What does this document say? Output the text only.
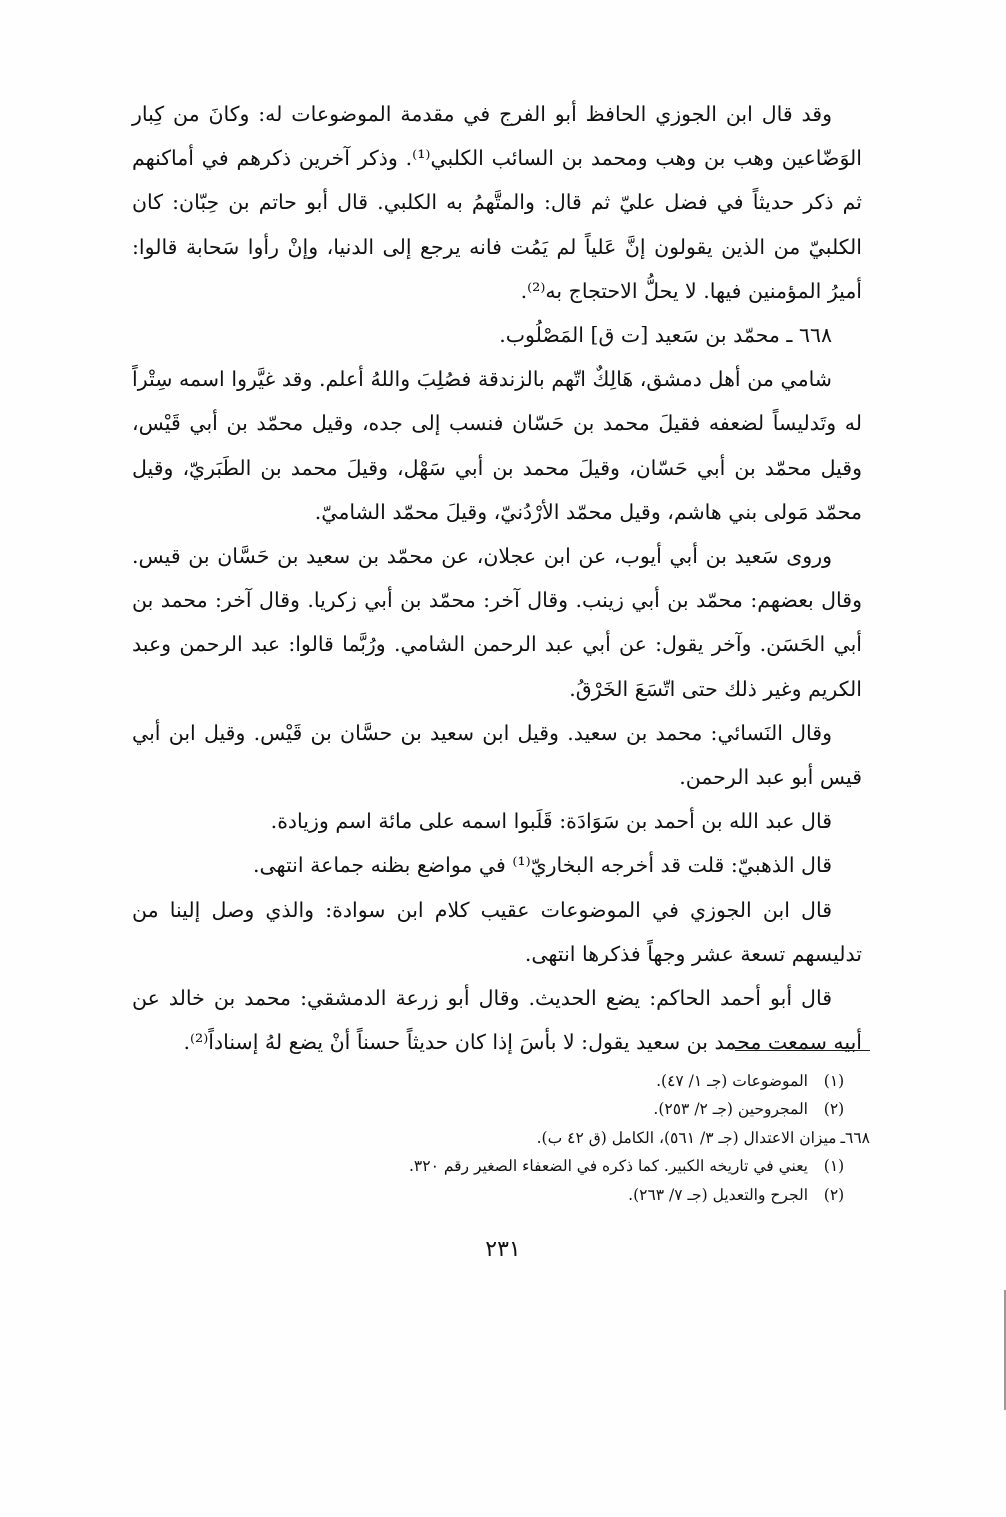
وقد قال ابن الجوزي الحافظ أبو الفرج في مقدمة الموضوعات له: وكانَ من كِبار الوَضّاعين وهب بن وهب ومحمد بن السائب الكلبي⁽¹⁾. وذكر آخرين ذكرهم في أماكنهم ثم ذكر حديثاً في فضل عليّ ثم قال: والمتَّهمُ به الكلبي. قال أبو حاتم بن حِبّان: كان الكلبيّ من الذين يقولون إنَّ عَلياً لم يَمُت فانه يرجع إلى الدنيا، وإنْ رأوا سَحابة قالوا: أميرُ المؤمنين فيها. لا يحلُّ الاحتجاج به⁽²⁾.

٦٦٨ ـ محمّد بن سَعيد [ت ق] المَصْلُوب.

شامي من أهل دمشق، هَالِكٌ اتّهم بالزندقة فصُلِبَ واللهُ أعلم. وقد غيَّروا اسمه سِتْراً له وتَدليساً لضعفه فقيلَ محمد بن حَسّان فنسب إلى جده، وقيل محمّد بن أبي قَيْس، وقيل محمّد بن أبي حَسّان، وقيلَ محمد بن أبي سَهْل، وقيلَ محمد بن الطَبَريّ، وقيل محمّد مَولى بني هاشم، وقيل محمّد الأرْدُنيّ، وقيلَ محمّد الشاميّ.

وروى سَعيد بن أبي أيوب، عن ابن عجلان، عن محمّد بن سعيد بن حَسَّان بن قيس. وقال بعضهم: محمّد بن أبي زينب. وقال آخر: محمّد بن أبي زكريا. وقال آخر: محمد بن أبي الحَسَن. وآخر يقول: عن أبي عبد الرحمن الشامي. ورُبَّما قالوا: عبد الرحمن وعبد الكريم وغير ذلك حتى اتّسَعَ الخَرْقُ.

وقال النَسائي: محمد بن سعيد. وقيل ابن سعيد بن حسَّان بن قَيْس. وقيل ابن أبي قيس أبو عبد الرحمن.

قال عبد الله بن أحمد بن سَوَادَة: قَلَبوا اسمه على مائة اسم وزيادة.

قال الذهبيّ: قلت قد أخرجه البخاريّ⁽¹⁾ في مواضع بظنه جماعة انتهى.

قال ابن الجوزي في الموضوعات عقيب كلام ابن سوادة: والذي وصل إلينا من تدليسهم تسعة عشر وجهاً فذكرها انتهى.

قال أبو أحمد الحاكم: يضع الحديث. وقال أبو زرعة الدمشقي: محمد بن خالد عن أبيه سمعت محمد بن سعيد يقول: لا بأسَ إذا كان حديثاً حسناً أنْ يضع لهُ إسناداً⁽²⁾.

(١)
الموضوعات (جـ ١/ ٤٧).

(٢)
المجروحين (جـ ٢/ ٢٥٣).

٦٦٨ـ
ميزان الاعتدال (جـ ٣/ ٥٦١)، الكامل (ق ٤٢ ب).

(١)
يعني في تاريخه الكبير. كما ذكره في الضعفاء الصغير رقم ٣٢٠.

(٢)
الجرح والتعديل (جـ ٧/ ٢٦٣).

٢٣١
